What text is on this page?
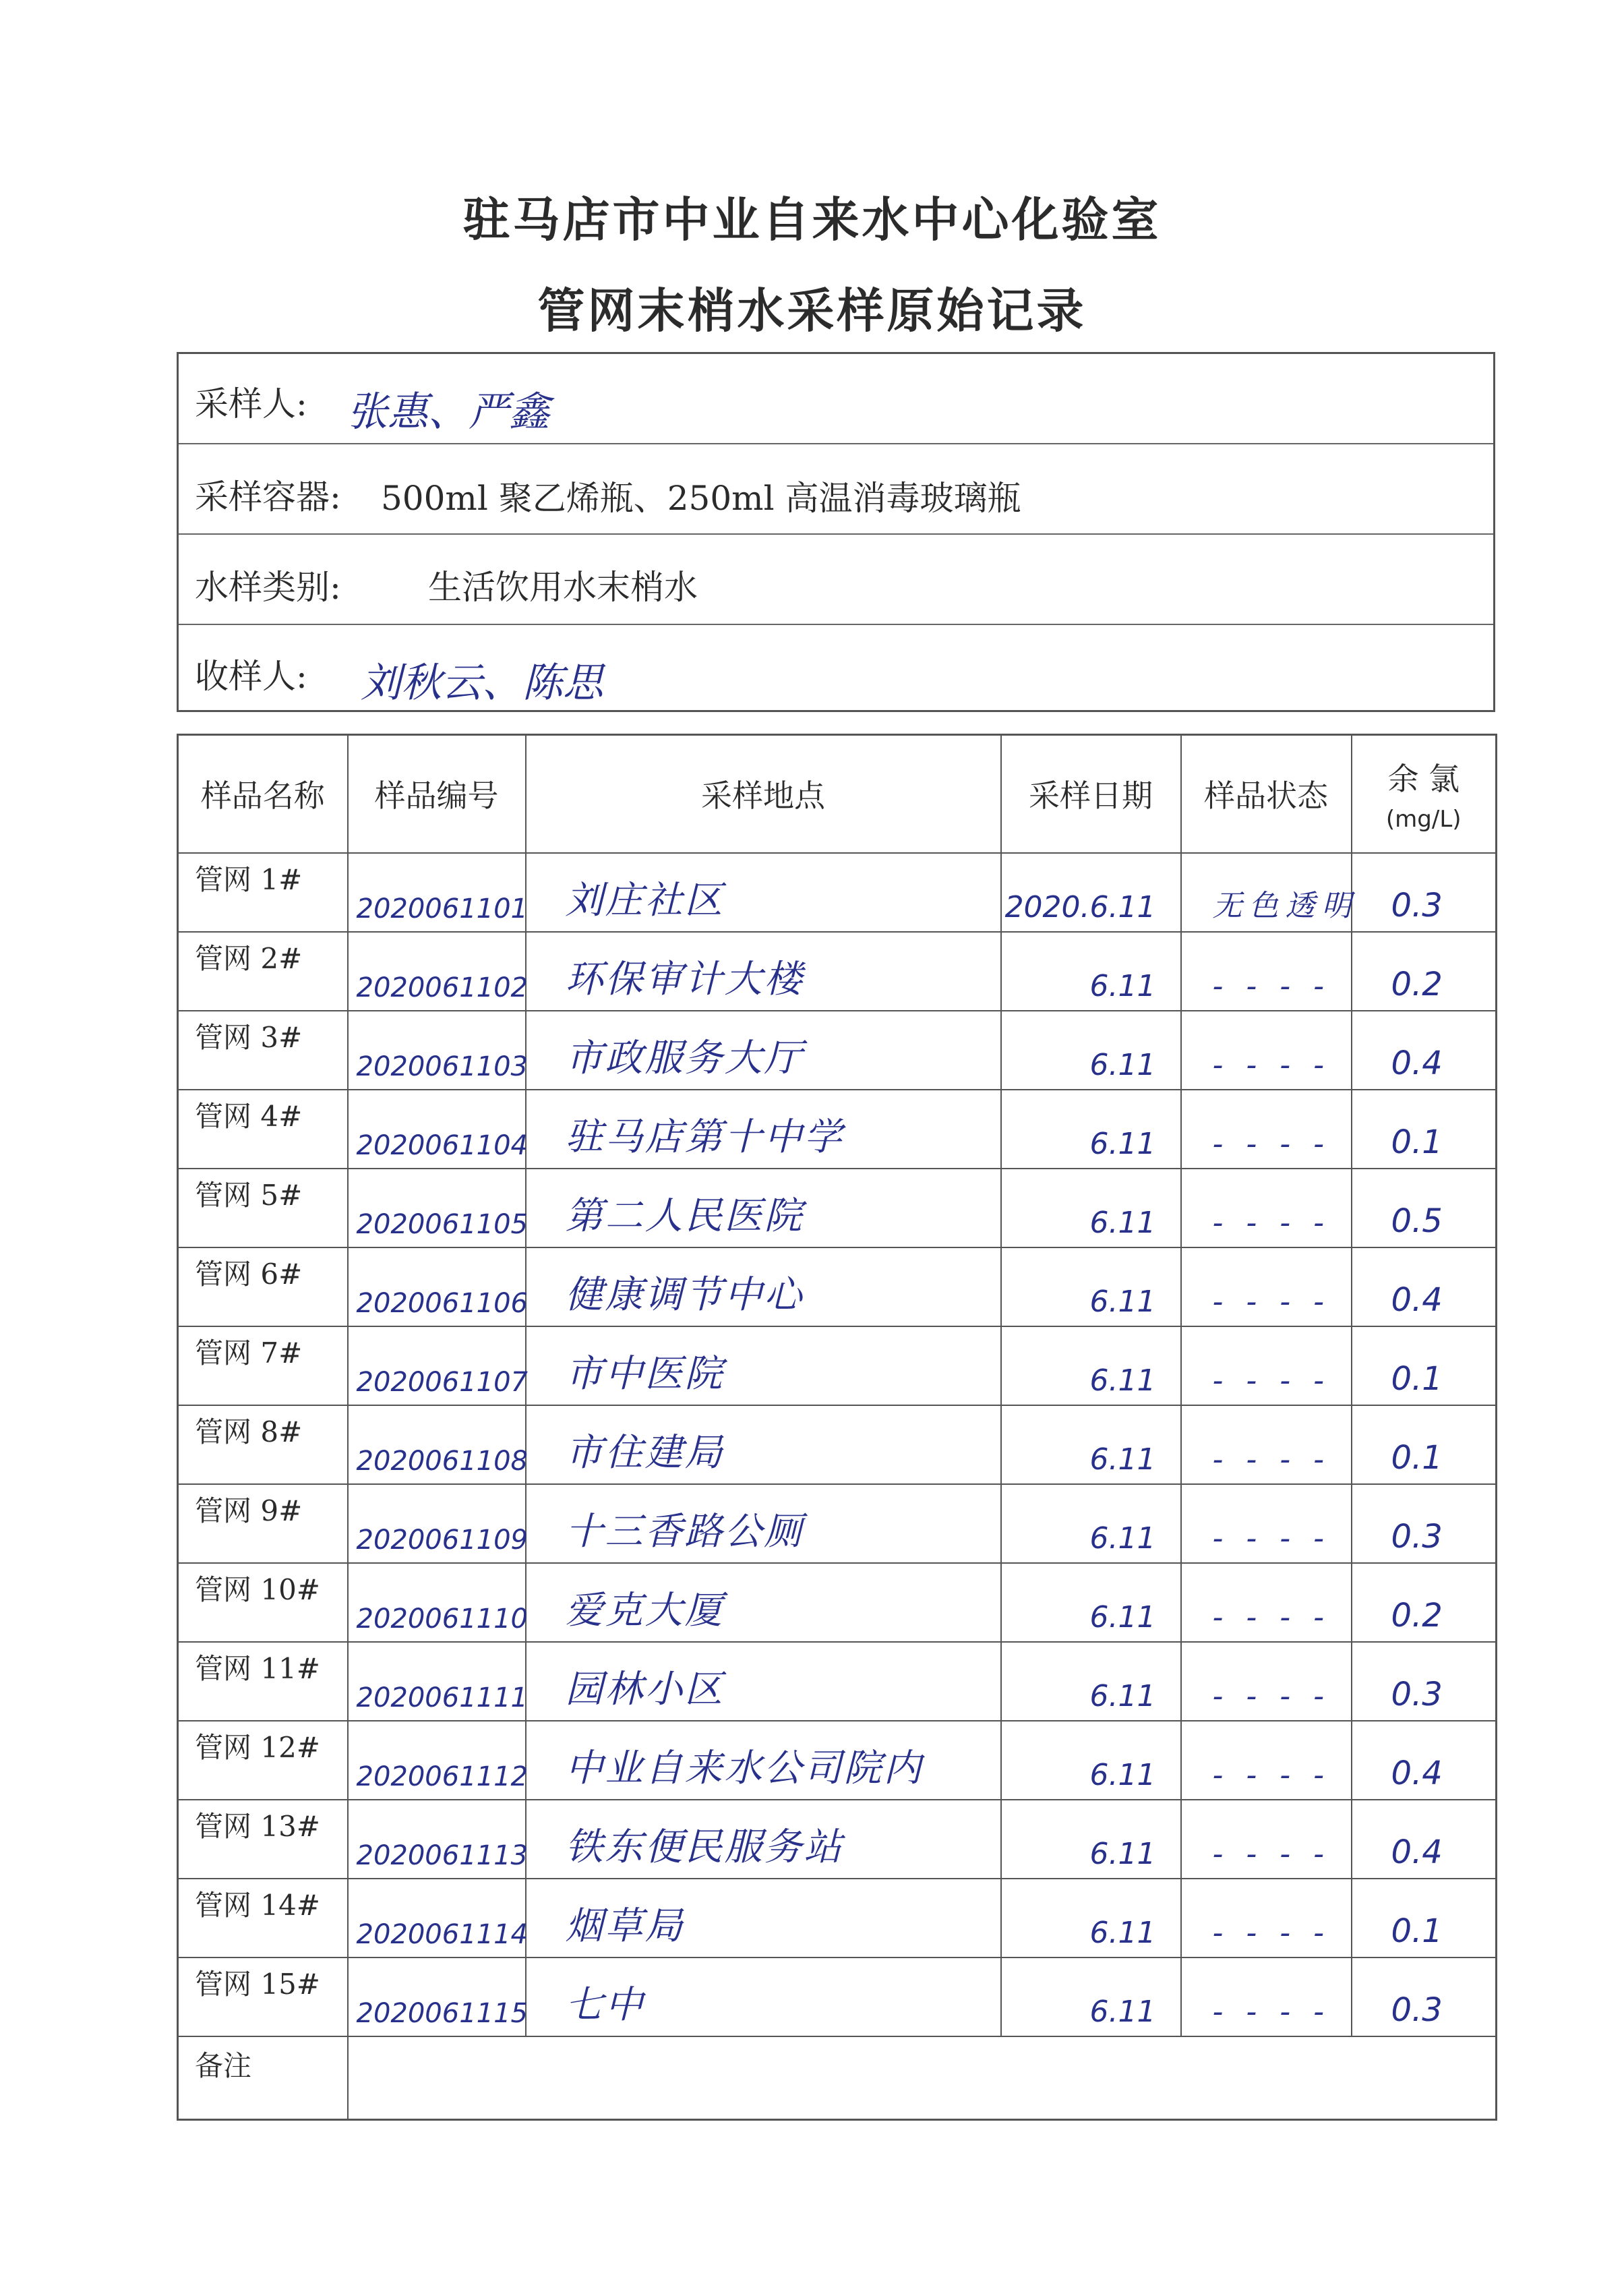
驻马店市中业自来水中心化验室
管网末梢水采样原始记录
采样人: 张惠、严鑫
采样容器: 500ml 聚乙烯瓶、250ml 高温消毒玻璃瓶
水样类别:	生活饮用水末梢水
收样人: 刘秋云、陈思
样品名称	样品编号	采样地点	采样日期	样品状态	余 氯
(mg/L)

管网 1#	2020061101	刘庄社区	2020.6.11	无色透明	0.3

管网 2#	2020061102	环保审计大楼	6.11	- - - -	0.2

管网 3#	2020061103	市政服务大厅	6.11	- - - -	0.4

管网 4#	2020061104	驻马店第十中学	6.11	- - - -	0.1

管网 5#	2020061105	第二人民医院	6.11	- - - -	0.5

管网 6#	2020061106	健康调节中心	6.11	- - - -	0.4

管网 7#	2020061107	市中医院	6.11	- - - -	0.1

管网 8#	2020061108	市住建局	6.11	- - - -	0.1

管网 9#	2020061109	十三香路公厕	6.11	- - - -	0.3

管网 10#	2020061110	爱克大厦	6.11	- - - -	0.2

管网 11#	2020061111	园林小区	6.11	- - - -	0.3

管网 12#	2020061112	中业自来水公司院内	6.11	- - - -	0.4

管网 13#	2020061113	铁东便民服务站	6.11	- - - -	0.4

管网 14#	2020061114	烟草局	6.11	- - - -	0.1

管网 15#	2020061115	七中	6.11	- - - -	0.3

备注					
